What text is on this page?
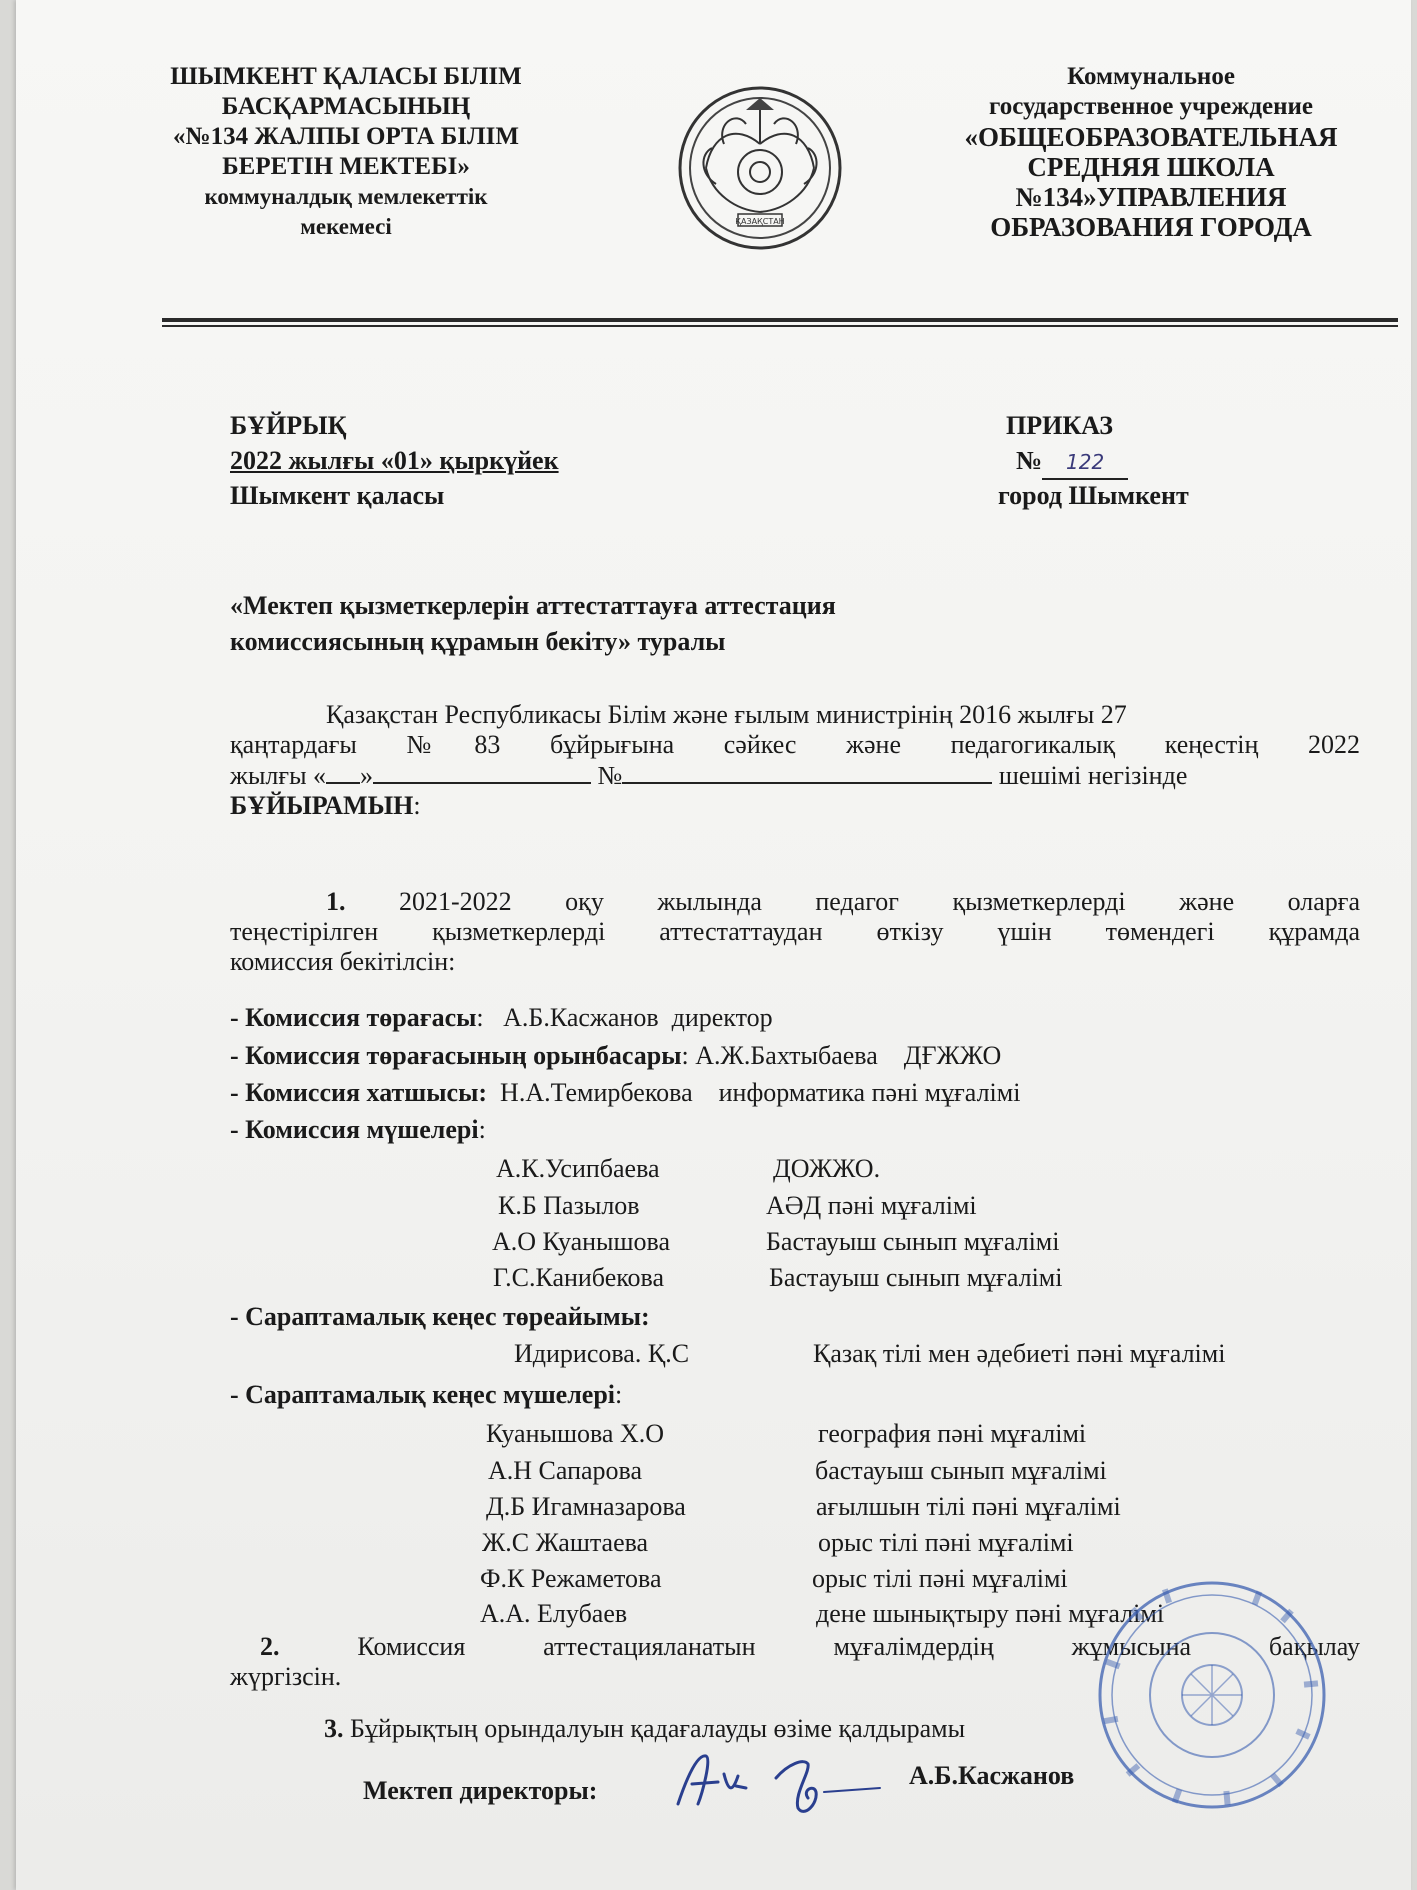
ШЫМКЕНТ ҚАЛАСЫ БІЛІМ
БАСҚАРМАСЫНЫҢ
«№134 ЖАЛПЫ ОРТА БІЛІМ
БЕРЕТІН МЕКТЕБІ»
коммуналдық мемлекеттік
мекемесі	ҚАЗАҚСТАН
Коммунальное
государственное учреждение
«ОБЩЕОБРАЗОВАТЕЛЬНАЯ
СРЕДНЯЯ ШКОЛА
№134»УПРАВЛЕНИЯ
ОБРАЗОВАНИЯ ГОРОДА
БҰЙРЫҚ
2022 жылғы «01» қыркүйек
Шымкент қаласы
ПРИКАЗ
№ 122
город Шымкент
«Мектеп қызметкерлерін аттестаттауға аттестация
комиссиясының құрамын бекіту» туралы
Қазақстан Республикасы Білім және ғылым министрінің 2016 жылғы 27
қаңтардағы №83 бұйрығына сәйкес және педагогикалық кеңестің 2022
жылғы « »	№	шешімі негізінде
БҰЙЫРАМЫН:
1. 2021-2022 оқу жылында педагог қызметкерлерді және оларға
теңестірілген қызметкерлерді аттестаттаудан өткізу үшін төмендегі құрамда
комиссия бекітілсін:
- Комиссия төрағасы:   А.Б.Касжанов  директор
- Комиссия төрағасының орынбасары: А.Ж.Бахтыбаева    ДҒЖЖО
- Комиссия хатшысы:  Н.А.Темирбекова    информатика пәні мұғалімі
- Комиссия мүшелері:
А.К.Усипбаева	ДОЖЖО.
К.Б Пазылов	АӘД пәні мұғалімі
А.О Куанышова	Бастауыш сынып мұғалімі
Г.С.Канибекова	Бастауыш сынып мұғалімі
- Сараптамалық кеңес төреайымы:
Идирисова. Қ.С	Қазақ тілі мен әдебиеті пәні мұғалімі
- Сараптамалық кеңес мүшелері:
Куанышова Х.О	география пәні мұғалімі
А.Н Сапарова	бастауыш сынып мұғалімі
Д.Б Игамназарова	ағылшын тілі пәні мұғалімі
Ж.С Жаштаева	орыс тілі пәні мұғалімі
Ф.К Режаметова	орыс тілі пәні мұғалімі
А.А. Елубаев	дене шынықтыру пәні мұғалімі
2.	Комиссия аттестацияланатын мұғалімдердің жұмысына бақылау
жүргізсін.
3. Бұйрықтың орындалуын қадағалауды өзіме қалдырамы
Мектеп директоры:
А.Б.Касжанов
